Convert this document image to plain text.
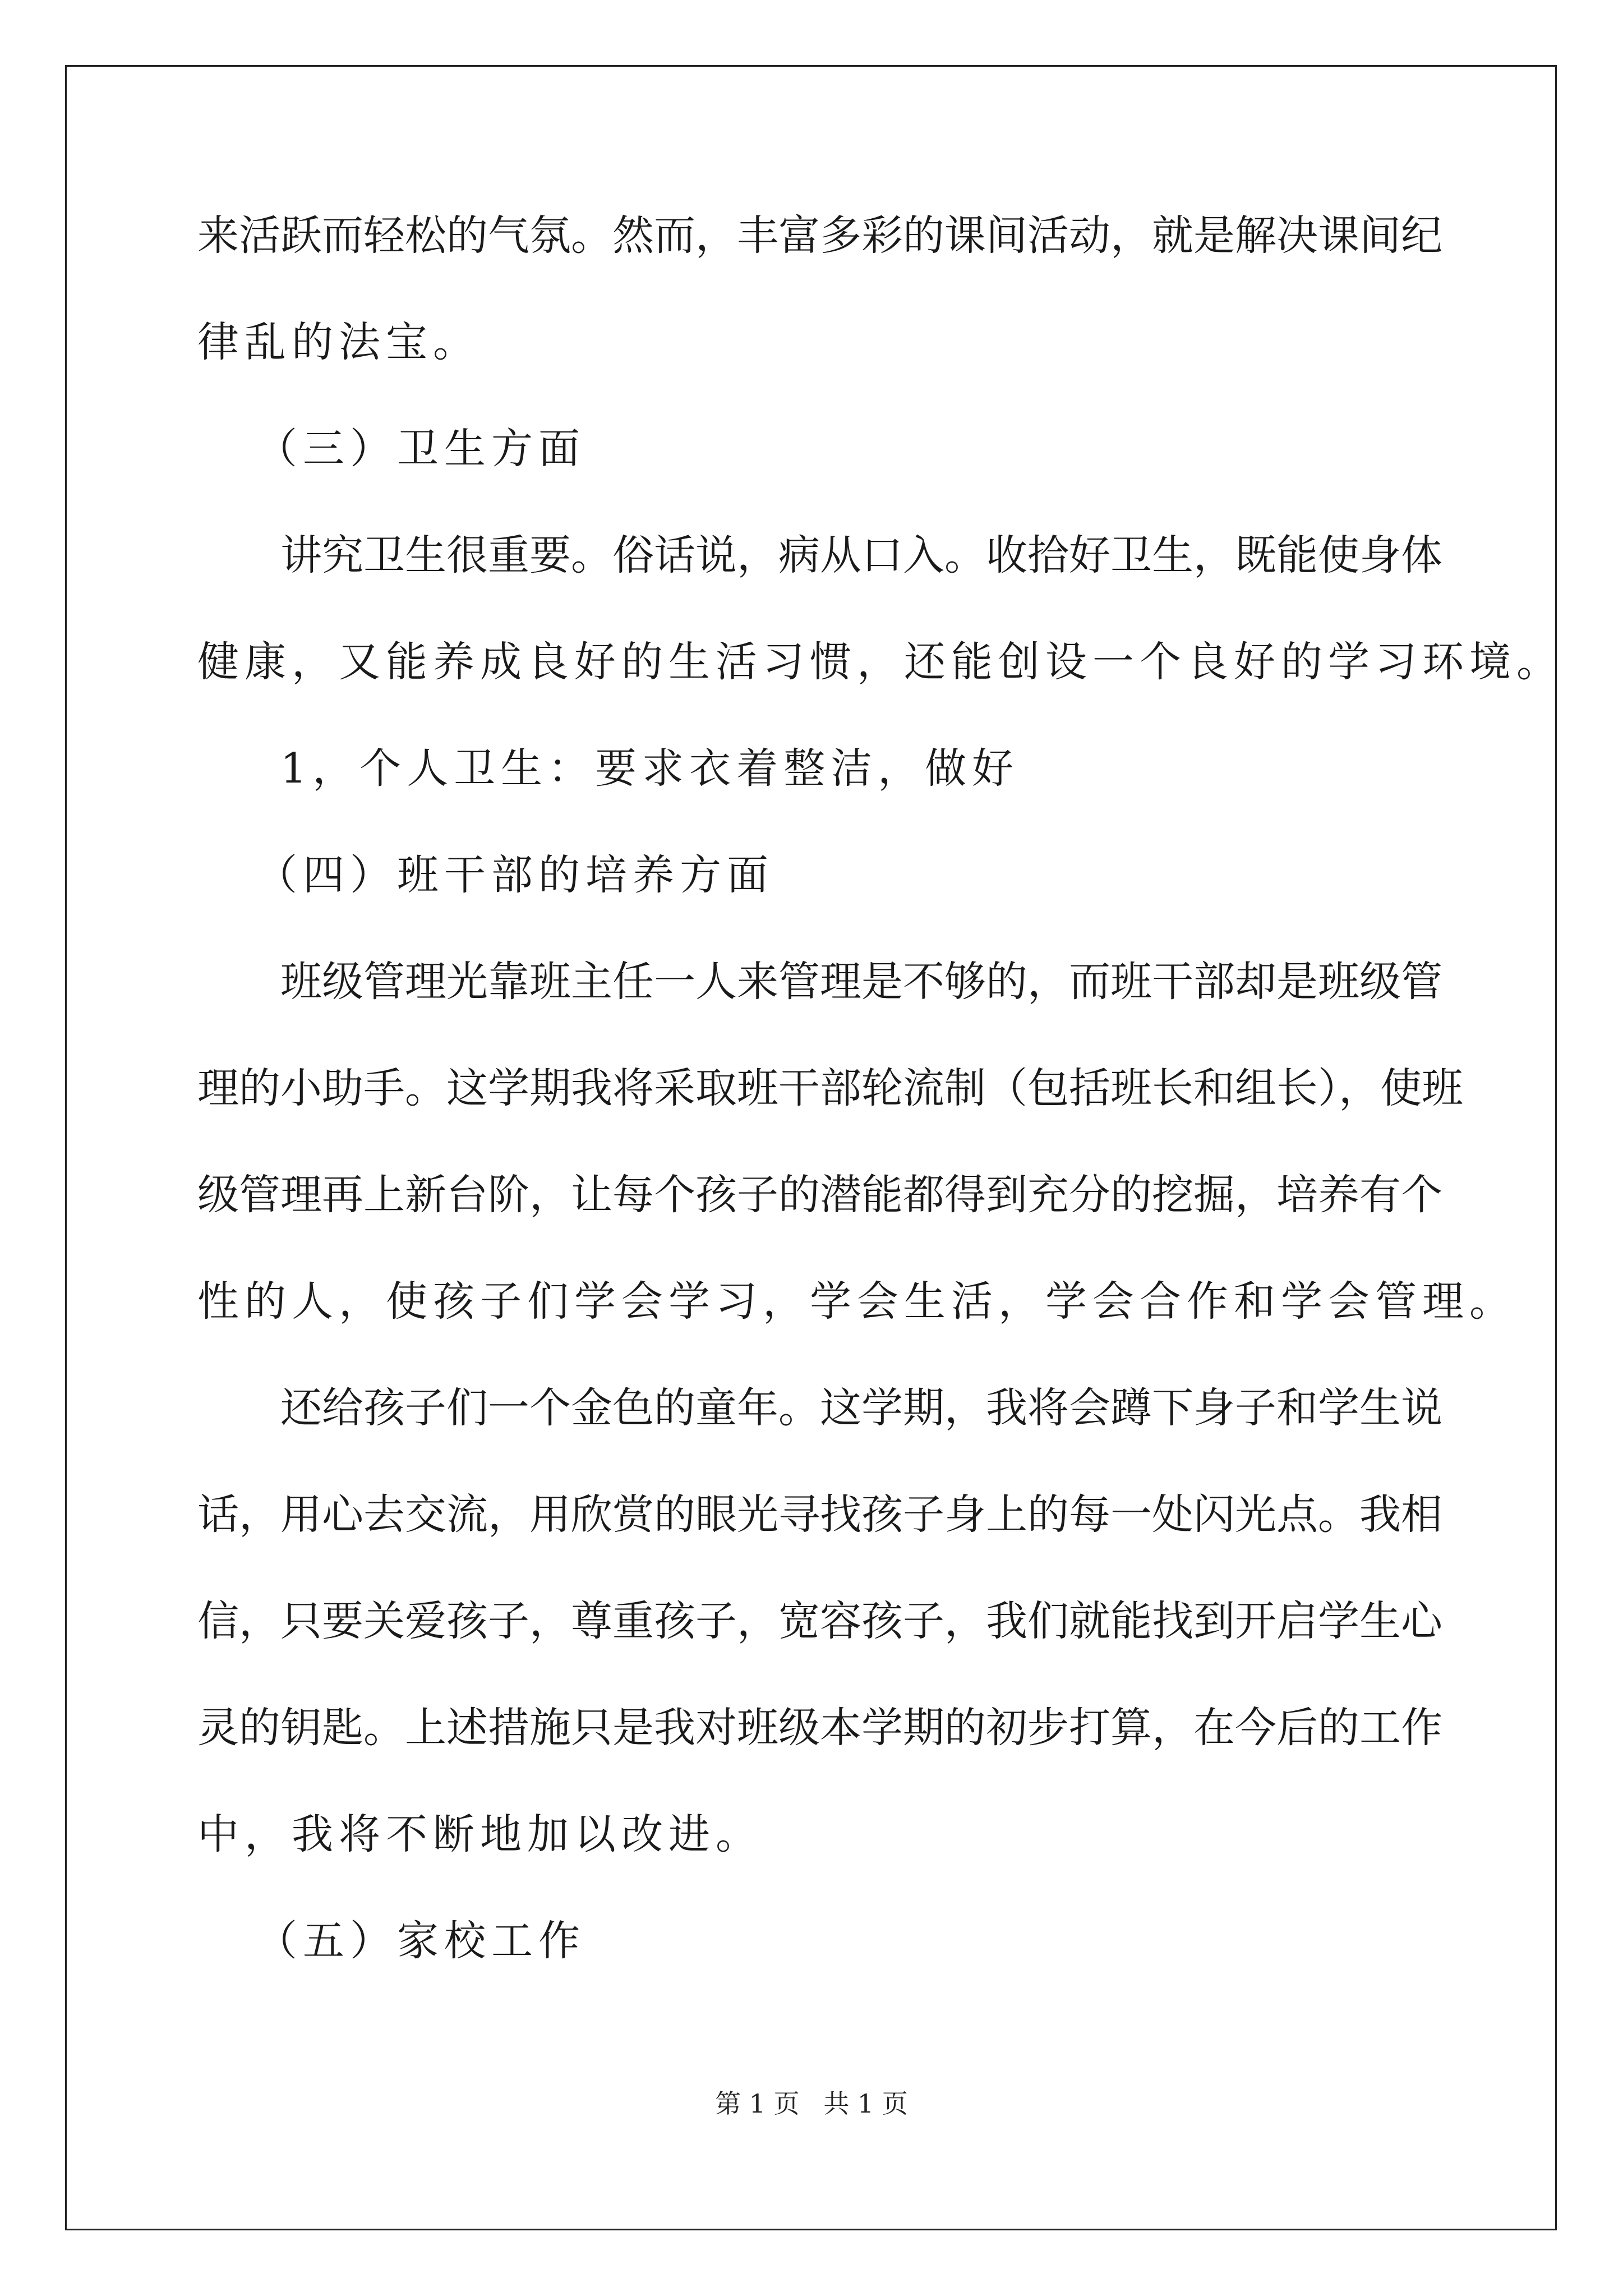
来活跃而轻松的气氛。然而，丰富多彩的课间活动，就是解决课间纪
律乱的法宝。
（三）卫生方面
讲究卫生很重要。俗话说，病从口入。收拾好卫生，既能使身体
健康，又能养成良好的生活习惯，还能创设一个良好的学习环境。
1，个人卫生：要求衣着整洁，做好
（四）班干部的培养方面
班级管理光靠班主任一人来管理是不够的，而班干部却是班级管
理的小助手。这学期我将采取班干部轮流制（包括班长和组长），使班
级管理再上新台阶，让每个孩子的潜能都得到充分的挖掘，培养有个
性的人，使孩子们学会学习，学会生活，学会合作和学会管理。
还给孩子们一个金色的童年。这学期，我将会蹲下身子和学生说
话，用心去交流，用欣赏的眼光寻找孩子身上的每一处闪光点。我相
信，只要关爱孩子，尊重孩子，宽容孩子，我们就能找到开启学生心
灵的钥匙。上述措施只是我对班级本学期的初步打算，在今后的工作
中，我将不断地加以改进。
（五）家校工作
第 1 页 共 1 页
